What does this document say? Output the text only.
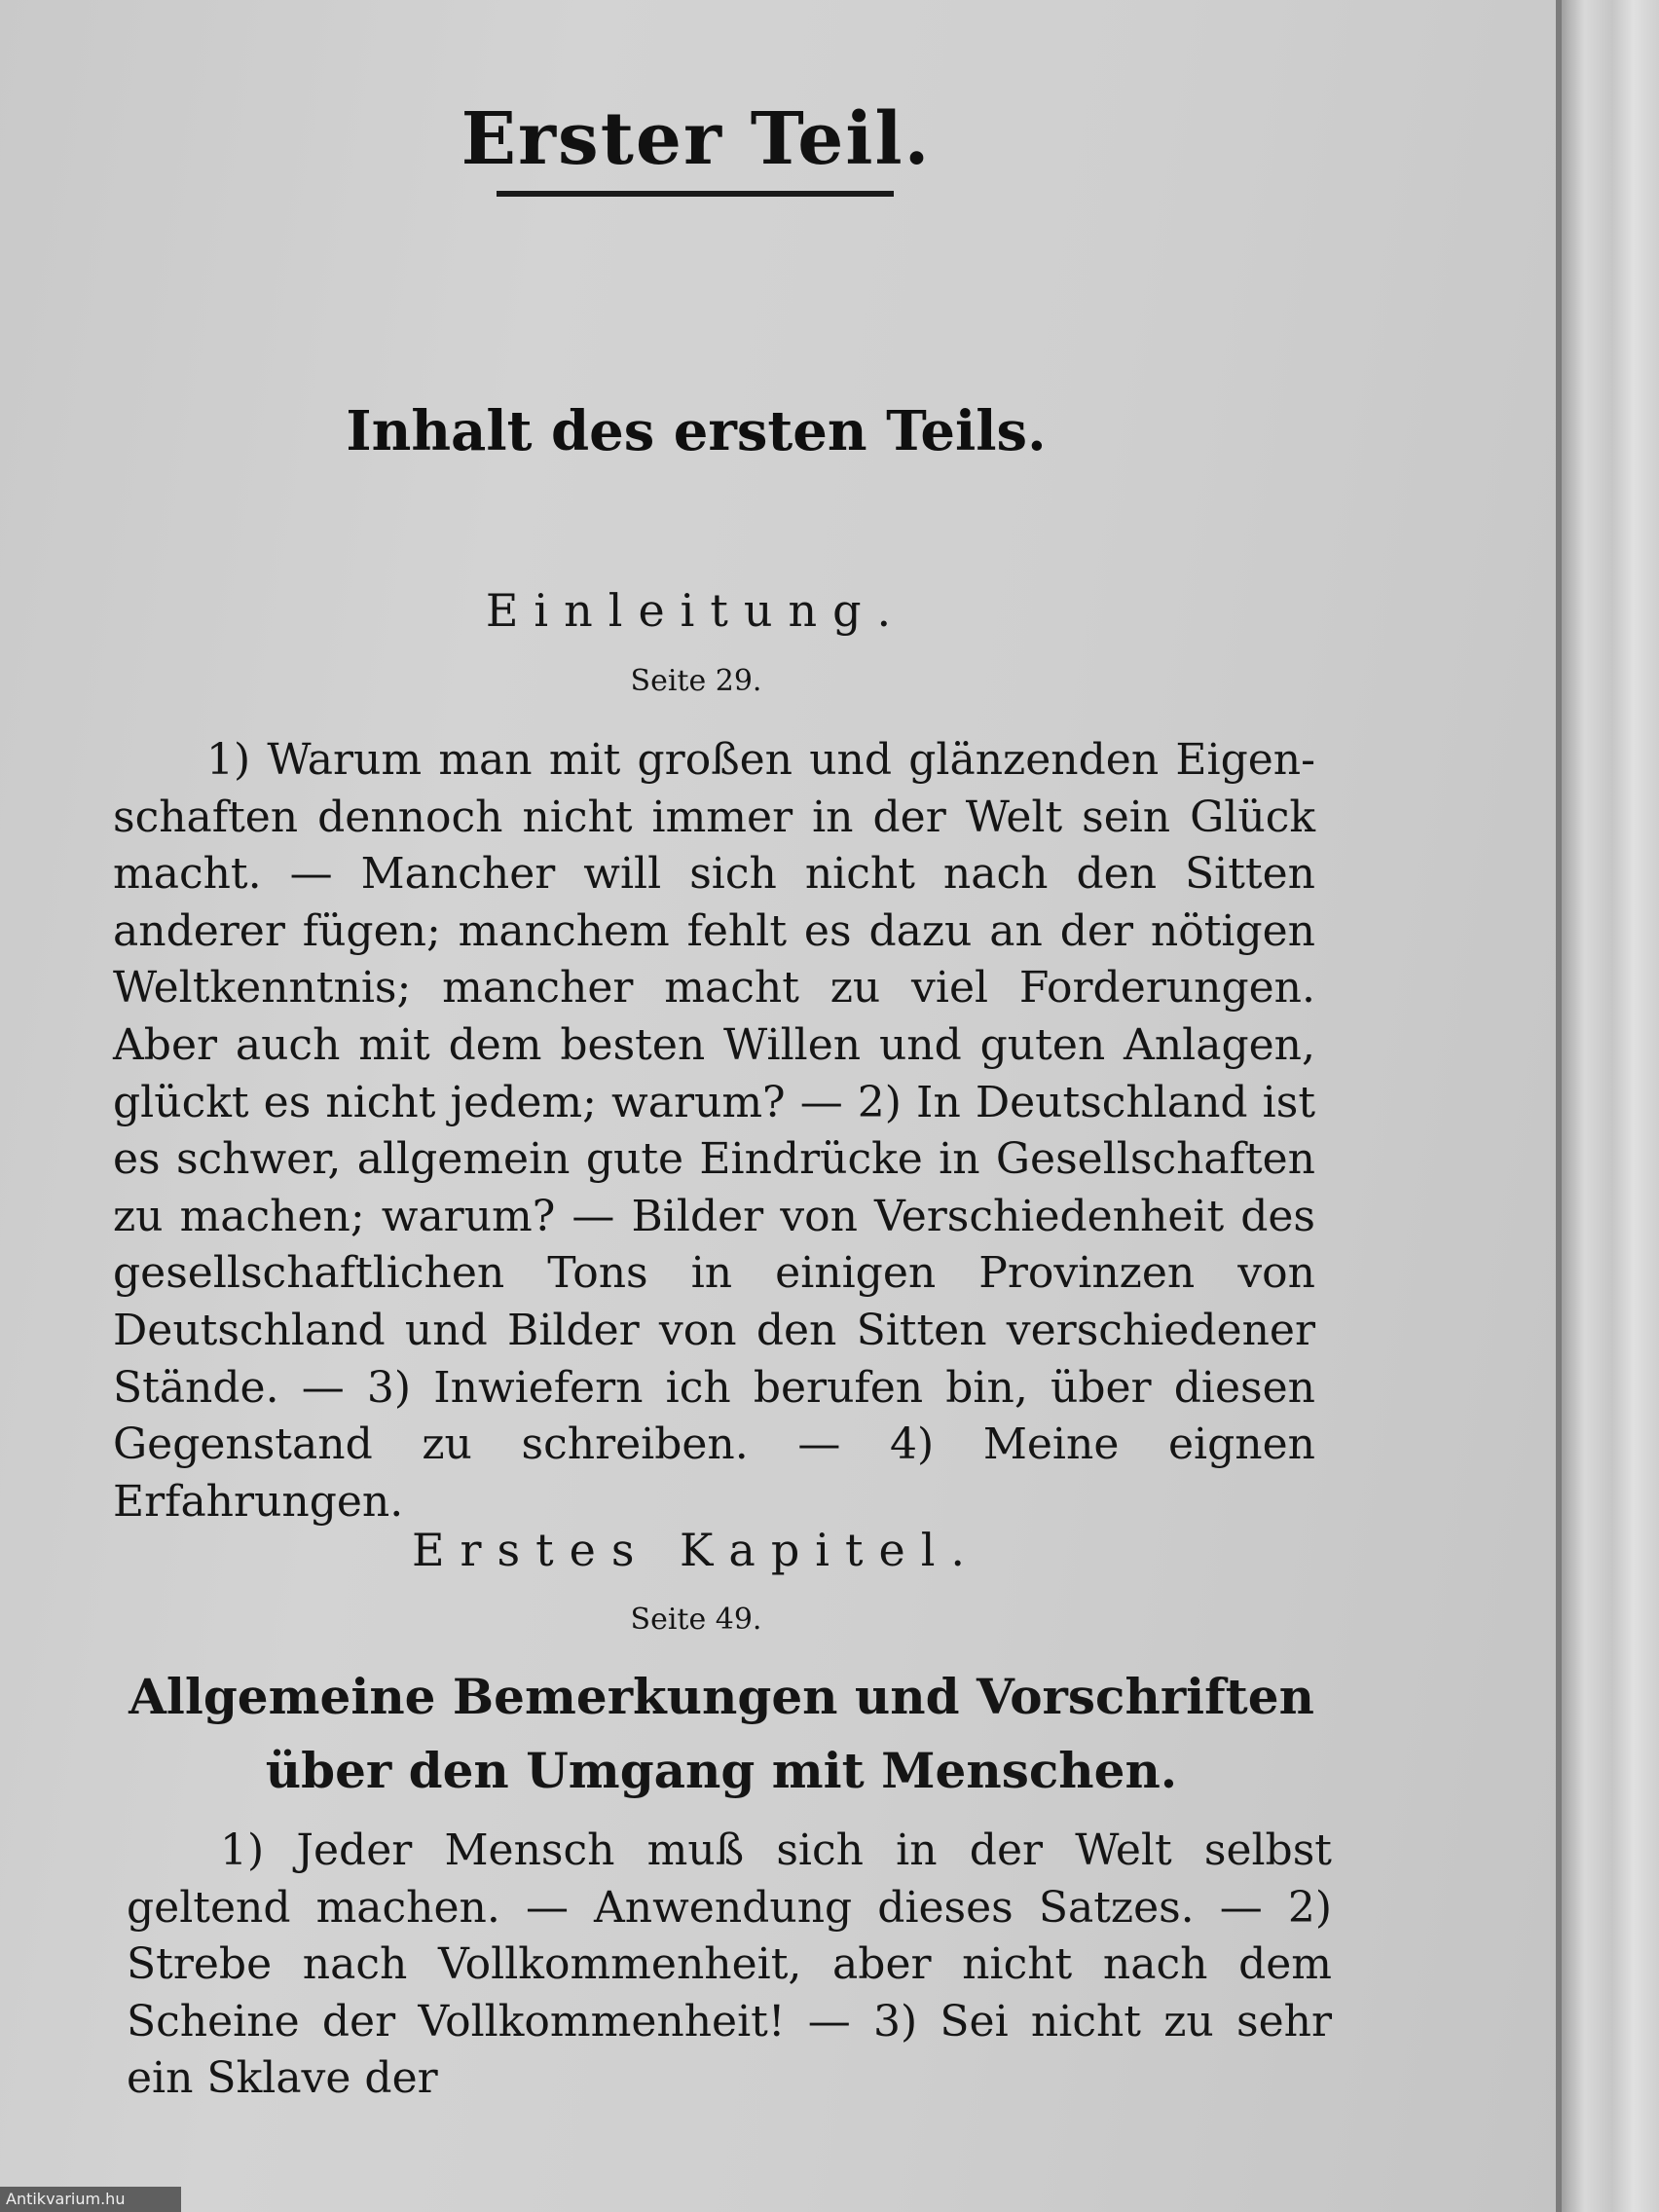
Erster Teil.
Inhalt des ersten Teils.
Einleitung.
Seite 29.

1) Warum man mit großen und glänzenden Eigenschaften dennoch nicht immer in der Welt sein Glück macht. — Mancher will sich nicht nach den Sitten anderer fügen; manchem fehlt es dazu an der nötigen Weltkenntnis; mancher macht zu viel Forderungen. Aber auch mit dem besten Willen und guten Anlagen, glückt es nicht jedem; warum? — 2) In Deutschland ist es schwer, allgemein gute Eindrücke in Gesellschaften zu machen; warum? — Bilder von Verschiedenheit des gesellschaftlichen Tons in einigen Provinzen von Deutschland und Bilder von den Sitten verschiedener Stände. — 3) Inwiefern ich berufen bin, über diesen Gegenstand zu schreiben. — 4) Meine eignen Erfahrungen.

Erstes Kapitel.
Seite 49.
Allgemeine Bemerkungen und Vorschriften über den Umgang mit Menschen.

1) Jeder Mensch muß sich in der Welt selbst geltend machen. — Anwendung dieses Satzes. — 2) Strebe nach Vollkommenheit, aber nicht nach dem Scheine der Vollkommenheit! — 3) Sei nicht zu sehr ein Sklave der

Antikvarium.hu
